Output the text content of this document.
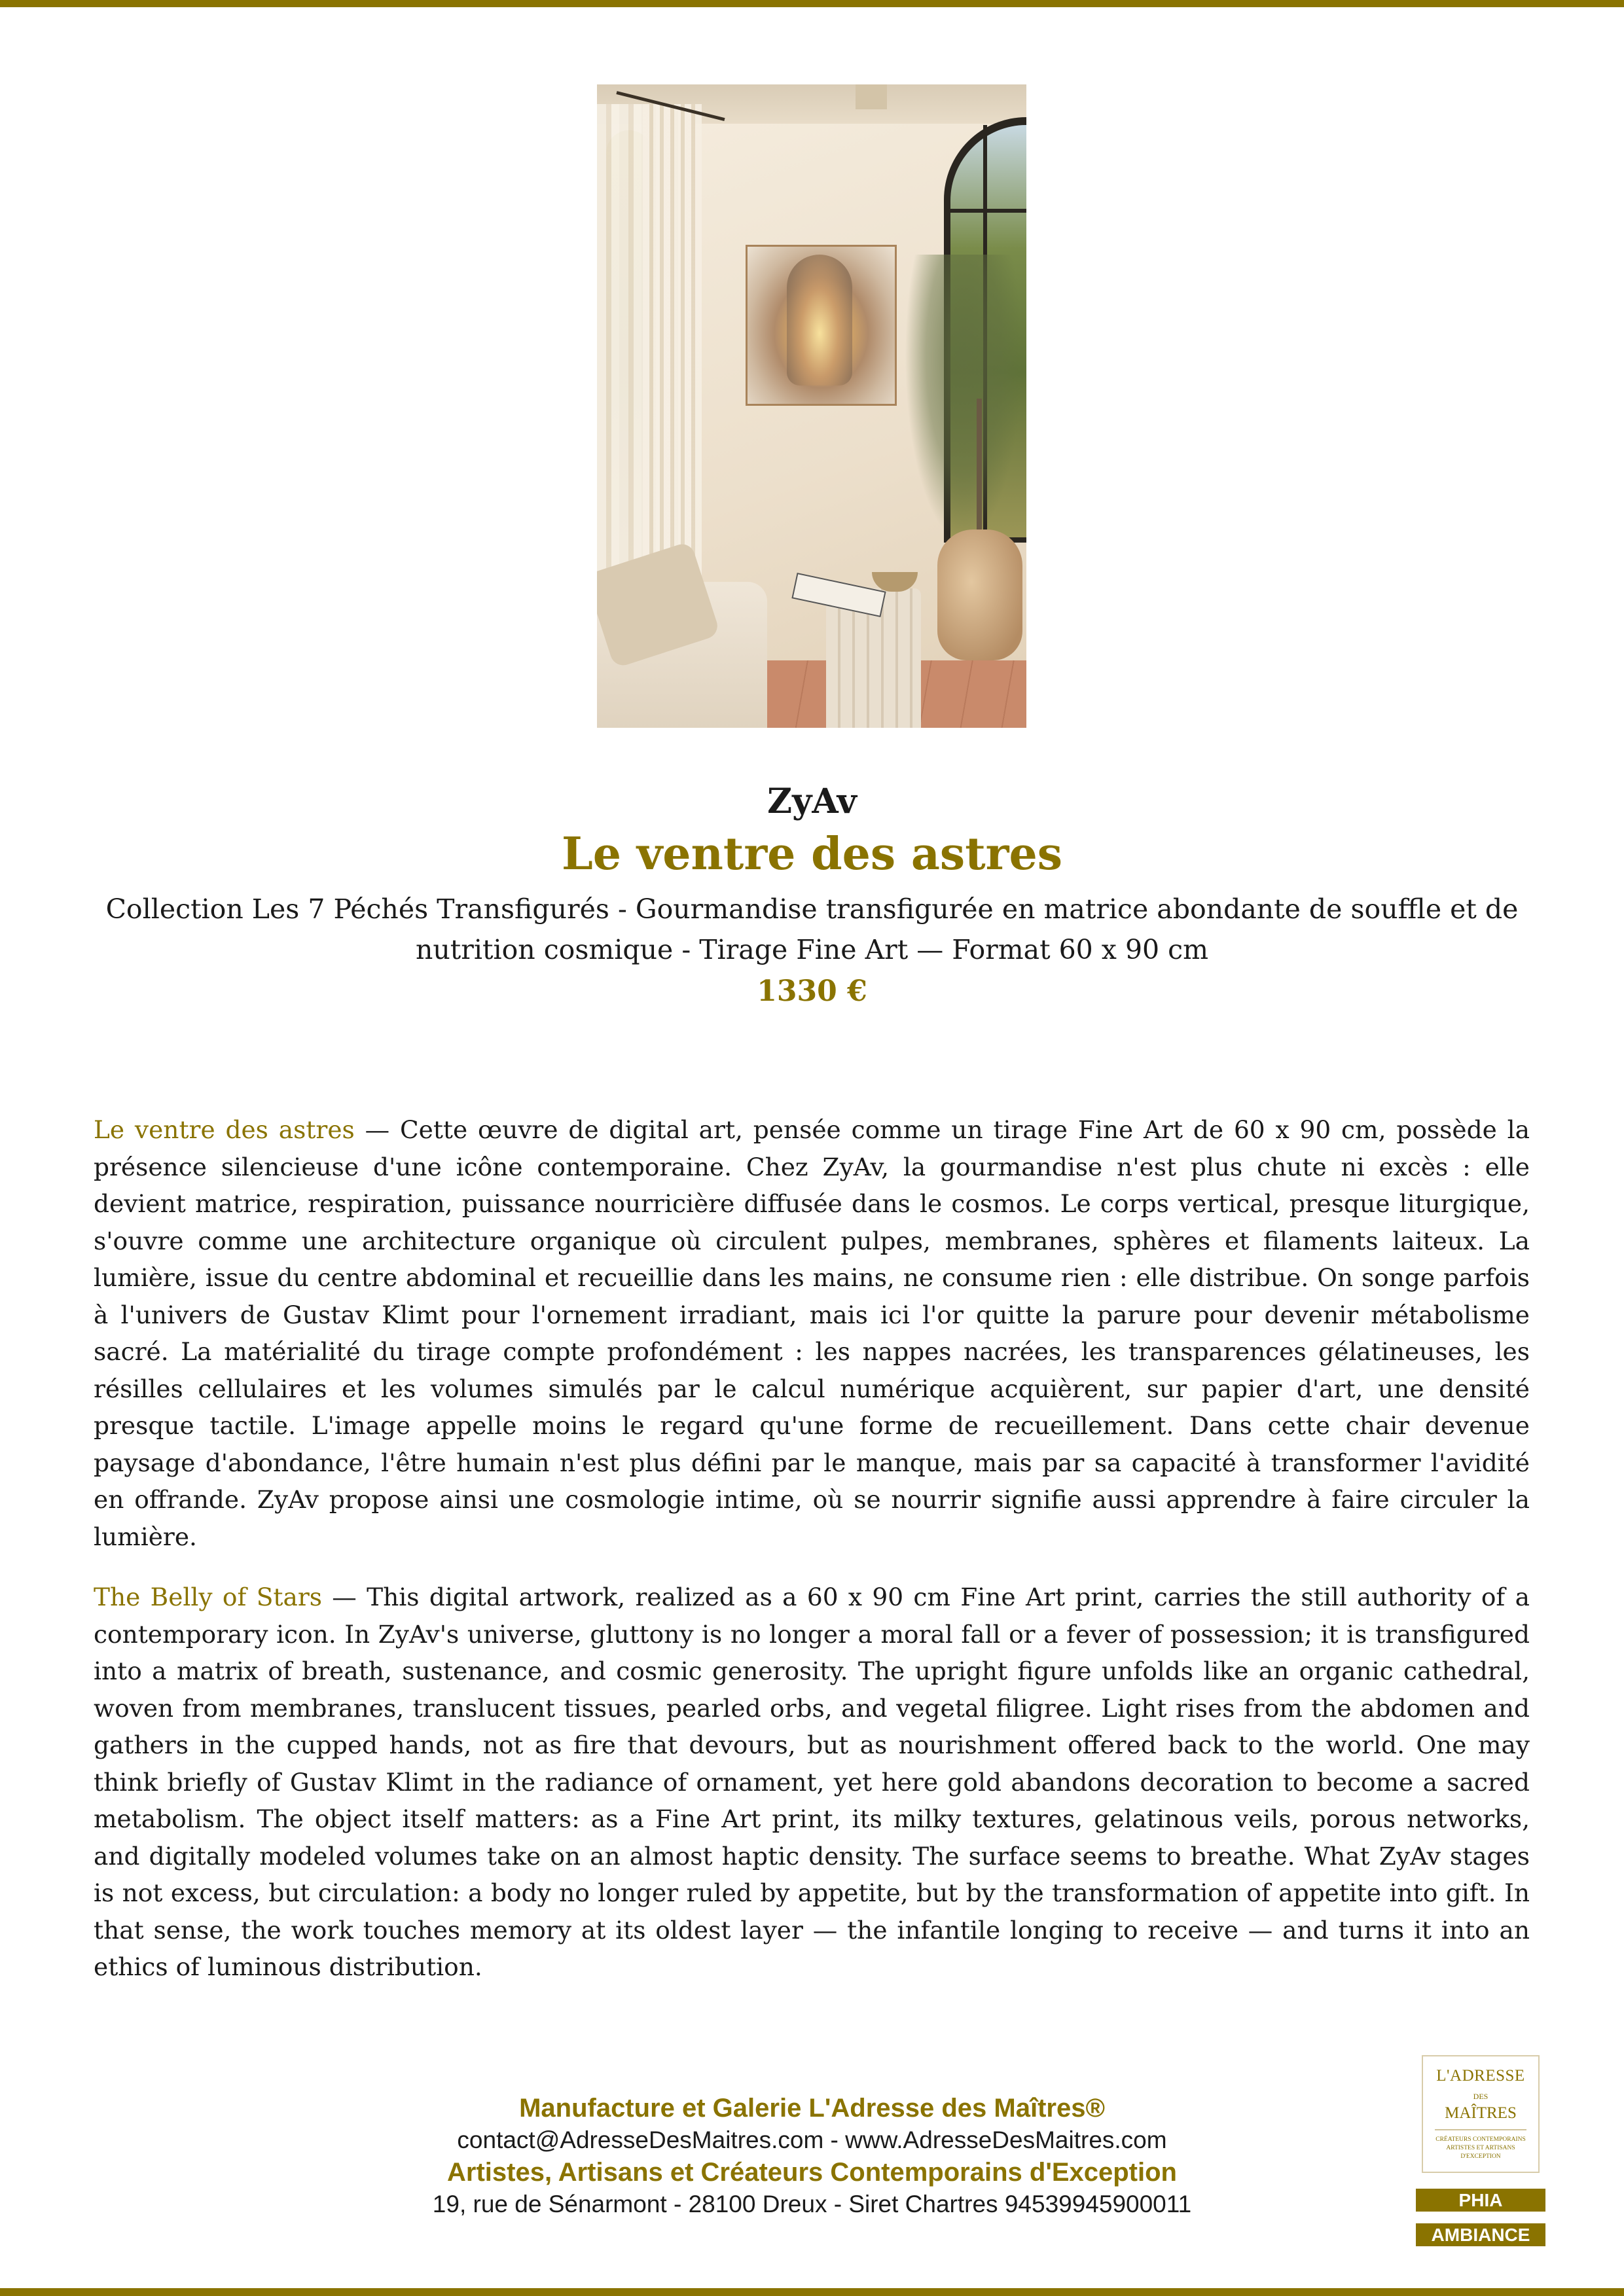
ZyAv

Le ventre des astres

Collection Les 7 Péchés Transfigurés - Gourmandise transfigurée en matrice abondante de souffle et de nutrition cosmique - Tirage Fine Art — Format 60 x 90 cm

1330 €

Le ventre des astres — Cette œuvre de digital art, pensée comme un tirage Fine Art de 60 x 90 cm, possède la présence silencieuse d'une icône contemporaine. Chez ZyAv, la gourmandise n'est plus chute ni excès : elle devient matrice, respiration, puissance nourricière diffusée dans le cosmos. Le corps vertical, presque liturgique, s'ouvre comme une architecture organique où circulent pulpes, membranes, sphères et filaments laiteux. La lumière, issue du centre abdominal et recueillie dans les mains, ne consume rien : elle distribue. On songe parfois à l'univers de Gustav Klimt pour l'ornement irradiant, mais ici l'or quitte la parure pour devenir métabolisme sacré. La matérialité du tirage compte profondément : les nappes nacrées, les transparences gélatineuses, les résilles cellulaires et les volumes simulés par le calcul numérique acquièrent, sur papier d'art, une densité presque tactile. L'image appelle moins le regard qu'une forme de recueillement. Dans cette chair devenue paysage d'abondance, l'être humain n'est plus défini par le manque, mais par sa capacité à transformer l'avidité en offrande. ZyAv propose ainsi une cosmologie intime, où se nourrir signifie aussi apprendre à faire circuler la lumière.

The Belly of Stars — This digital artwork, realized as a 60 x 90 cm Fine Art print, carries the still authority of a contemporary icon. In ZyAv's universe, gluttony is no longer a moral fall or a fever of possession; it is transfigured into a matrix of breath, sustenance, and cosmic generosity. The upright figure unfolds like an organic cathedral, woven from membranes, translucent tissues, pearled orbs, and vegetal filigree. Light rises from the abdomen and gathers in the cupped hands, not as fire that devours, but as nourishment offered back to the world. One may think briefly of Gustav Klimt in the radiance of ornament, yet here gold abandons decoration to become a sacred metabolism. The object itself matters: as a Fine Art print, its milky textures, gelatinous veils, porous networks, and digitally modeled volumes take on an almost haptic density. The surface seems to breathe. What ZyAv stages is not excess, but circulation: a body no longer ruled by appetite, but by the transformation of appetite into gift. In that sense, the work touches memory at its oldest layer — the infantile longing to receive — and turns it into an ethics of luminous distribution.

Manufacture et Galerie L'Adresse des Maîtres®

contact@AdresseDesMaitres.com - www.AdresseDesMaitres.com

Artistes, Artisans et Créateurs Contemporains d'Exception

19, rue de Sénarmont - 28100 Dreux - Siret Chartres 94539945900011

L'ADRESSE
DES
MAÎTRES
CRÉATEURS CONTEMPORAINS
ARTISTES ET ARTISANS
D'EXCEPTION
PHIA
AMBIANCE
